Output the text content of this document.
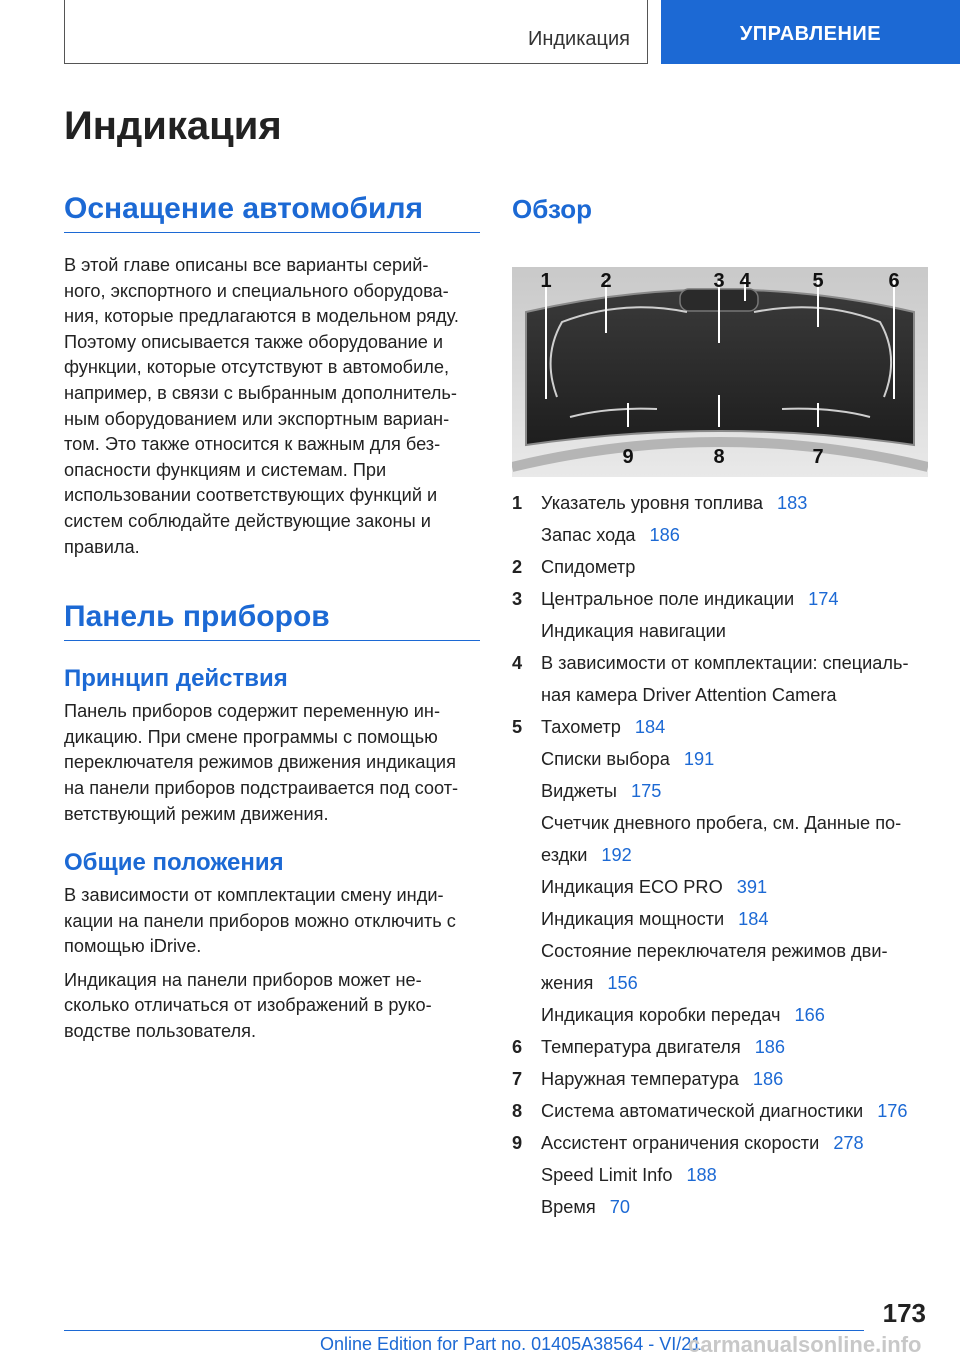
Индикация	УПРАВЛЕНИЕ
Индикация
Оснащение автомобиля

В этой главе описаны все варианты серий-

ного, экспортного и специального оборудова-

ния, которые предлагаются в модельном ряду.

Поэтому описывается также оборудование и

функции, которые отсутствуют в автомобиле,

например, в связи с выбранным дополнитель-

ным оборудованием или экспортным вариан-

том. Это также относится к важным для без-

опасности функциям и системам. При

использовании соответствующих функций и

систем соблюдайте действующие законы и

правила.

Панель приборов
Принцип действия

Панель приборов содержит переменную ин-

дикацию. При смене программы с помощью

переключателя режимов движения индикация

на панели приборов подстраивается под соот-

ветствующий режим движения.

Общие положения

В зависимости от комплектации смену инди-

кации на панели приборов можно отключить с

помощью iDrive.

Индикация на панели приборов может не-

сколько отличаться от изображений в руко-

водстве пользователя.

Обзор
1 2	3 4	5	6
9	8	7
1	Указатель уровня топлива 183
Запас хода 186
2	Спидометр
3	Центральное поле индикации 174
Индикация навигации
4	В зависимости от комплектации: специаль-
ная камера Driver Attention Camera
5	Тахометр 184
Списки выбора 191
Виджеты 175
Счетчик дневного пробега, см. Данные по-
ездки 192
Индикация ECO PRO 391
Индикация мощности 184
Состояние переключателя режимов дви-
жения 156
Индикация коробки передач 166
6	Температура двигателя 186
7	Наружная температура 186
8	Система автоматической диагностики 176
9	Ассистент ограничения скорости 278
Speed Limit Info 188
Время 70
173
Online Edition for Part no. 01405A38564 - VI/21
carmanualsonline.info
